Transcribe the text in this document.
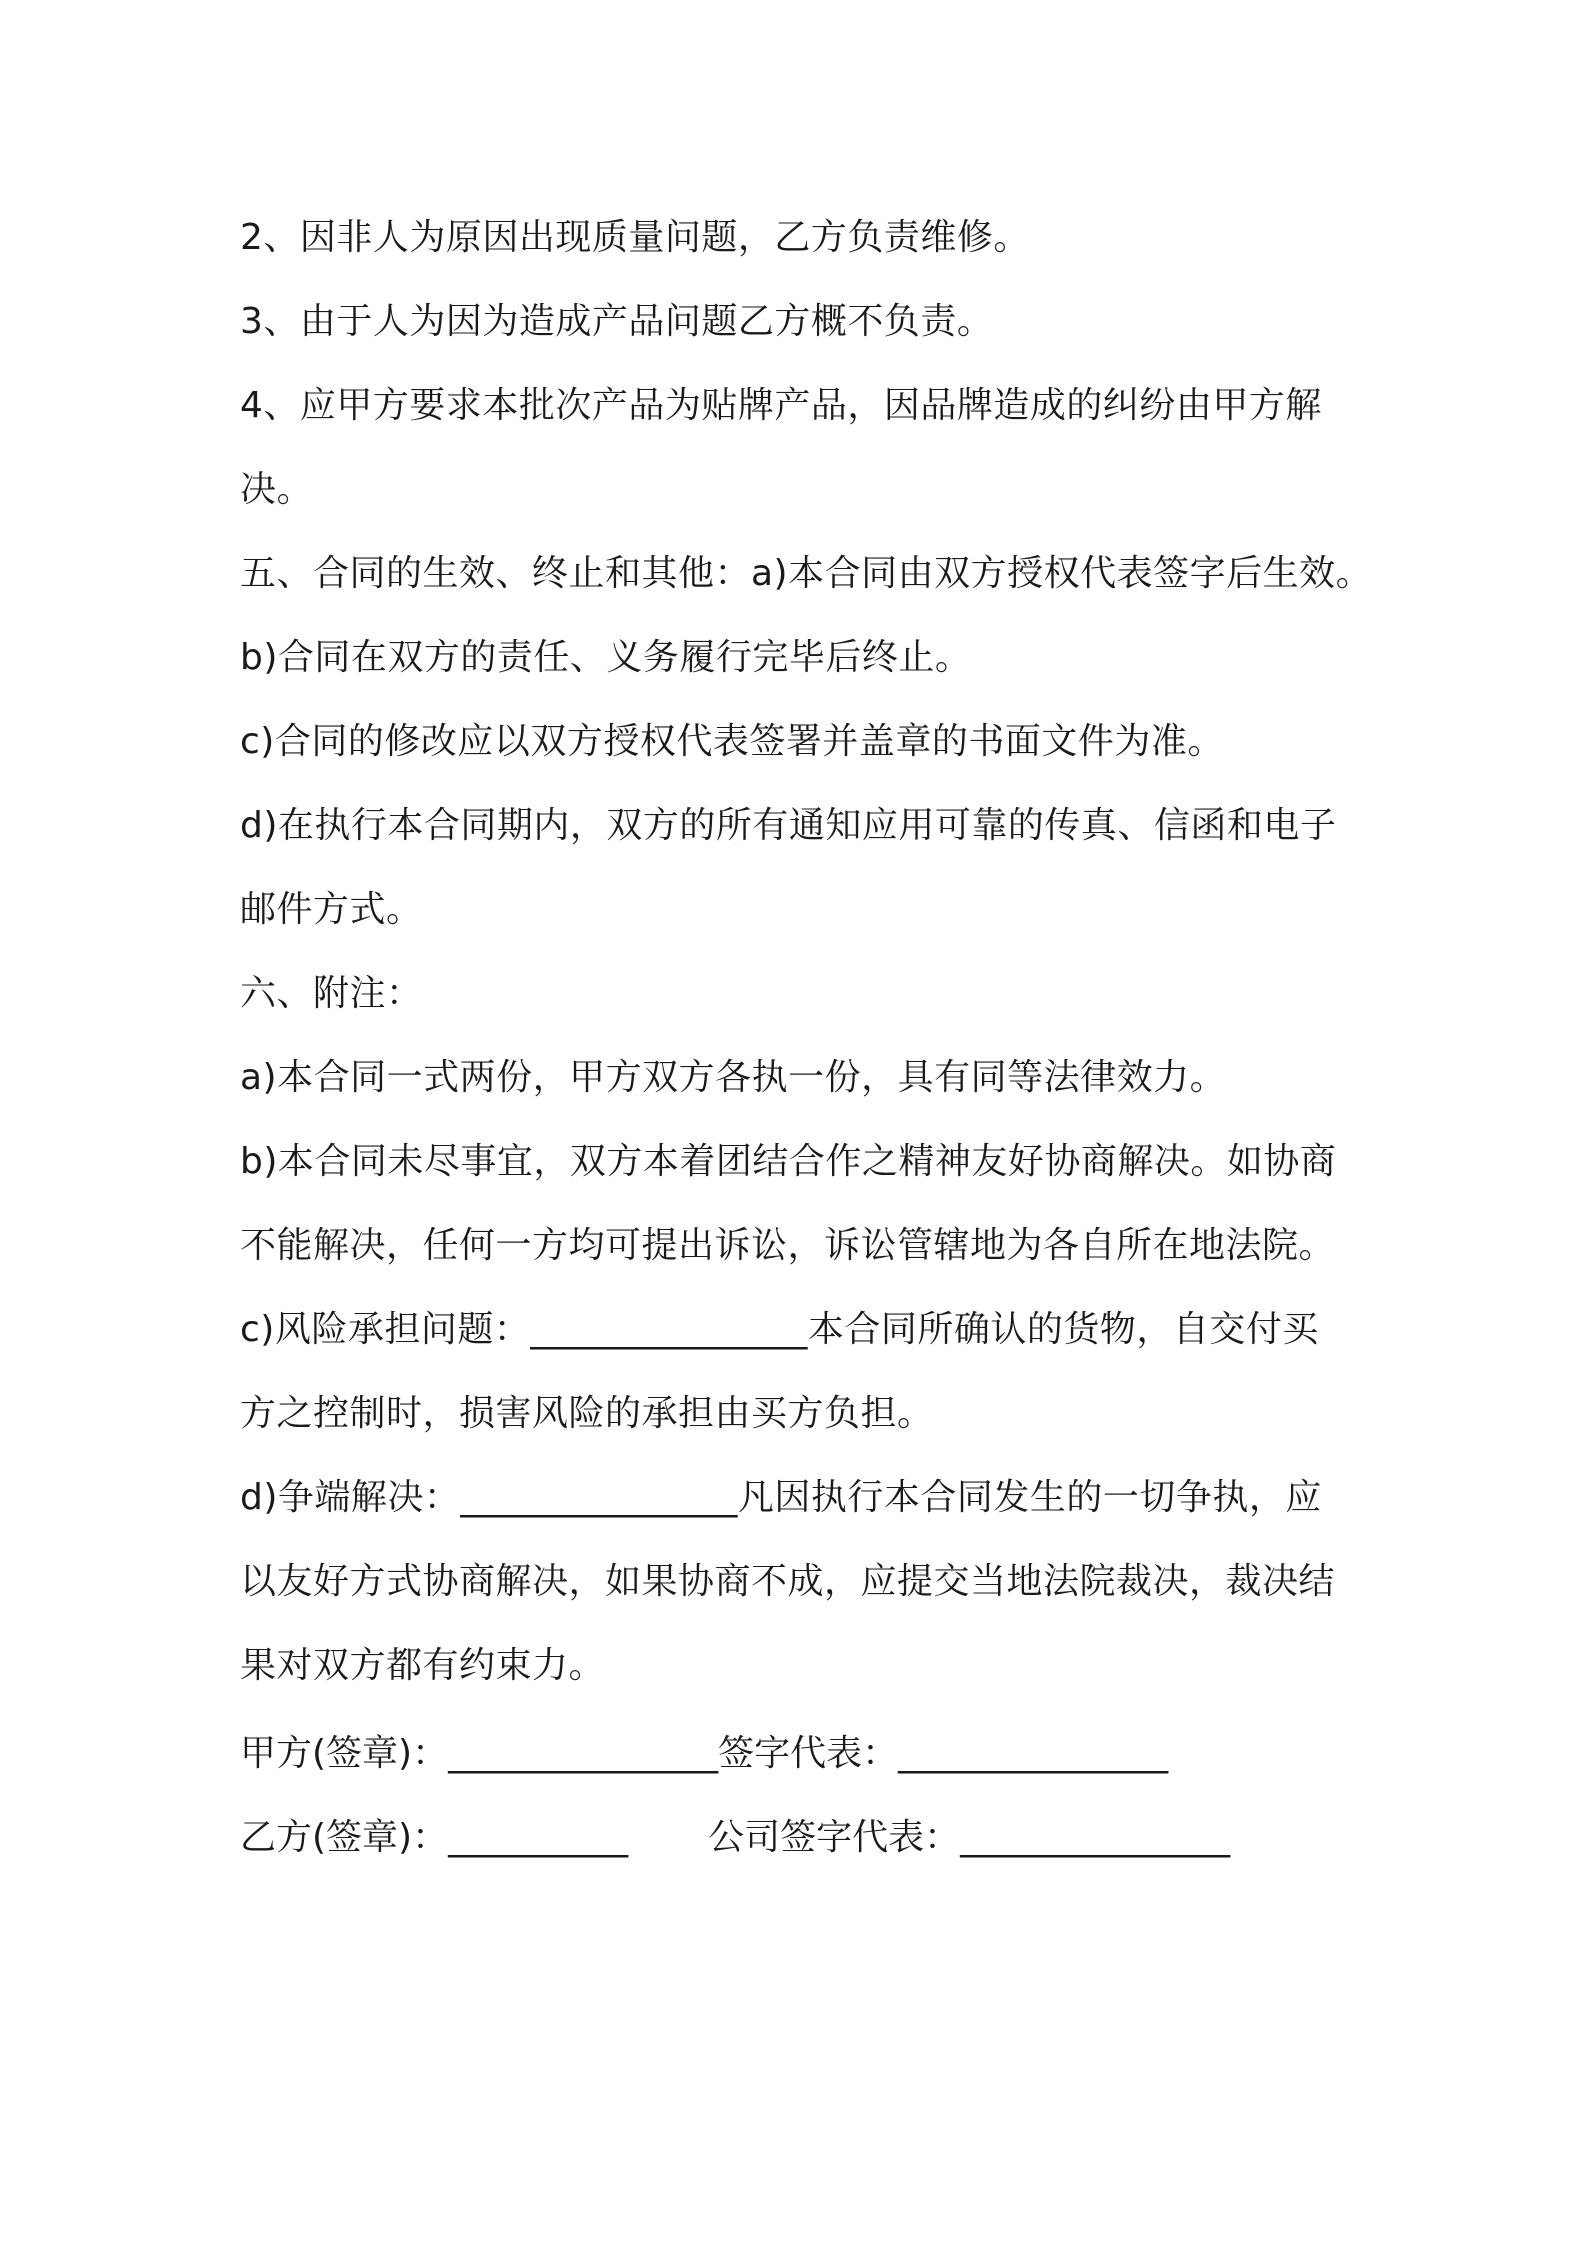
2、因非人为原因出现质量问题，乙方负责维修。
3、由于人为因为造成产品问题乙方概不负责。
4、应甲方要求本批次产品为贴牌产品，因品牌造成的纠纷由甲方解
决。
五、合同的生效、终止和其他：a)本合同由双方授权代表签字后生效。
b)合同在双方的责任、义务履行完毕后终止。
c)合同的修改应以双方授权代表签署并盖章的书面文件为准。
d)在执行本合同期内，双方的所有通知应用可靠的传真、信函和电子
邮件方式。
六、附注：
a)本合同一式两份，甲方双方各执一份，具有同等法律效力。
b)本合同未尽事宜，双方本着团结合作之精神友好协商解决。如协商
不能解决，任何一方均可提出诉讼，诉讼管辖地为各自所在地法院。
c)风险承担问题：_______________本合同所确认的货物，自交付买
方之控制时，损害风险的承担由买方负担。
d)争端解决：_______________凡因执行本合同发生的一切争执，应
以友好方式协商解决，如果协商不成，应提交当地法院裁决，裁决结
果对双方都有约束力。
甲方(签章)：_______________ 签字代表：_______________
乙方(签章)：__________ 公司签字代表：_______________
